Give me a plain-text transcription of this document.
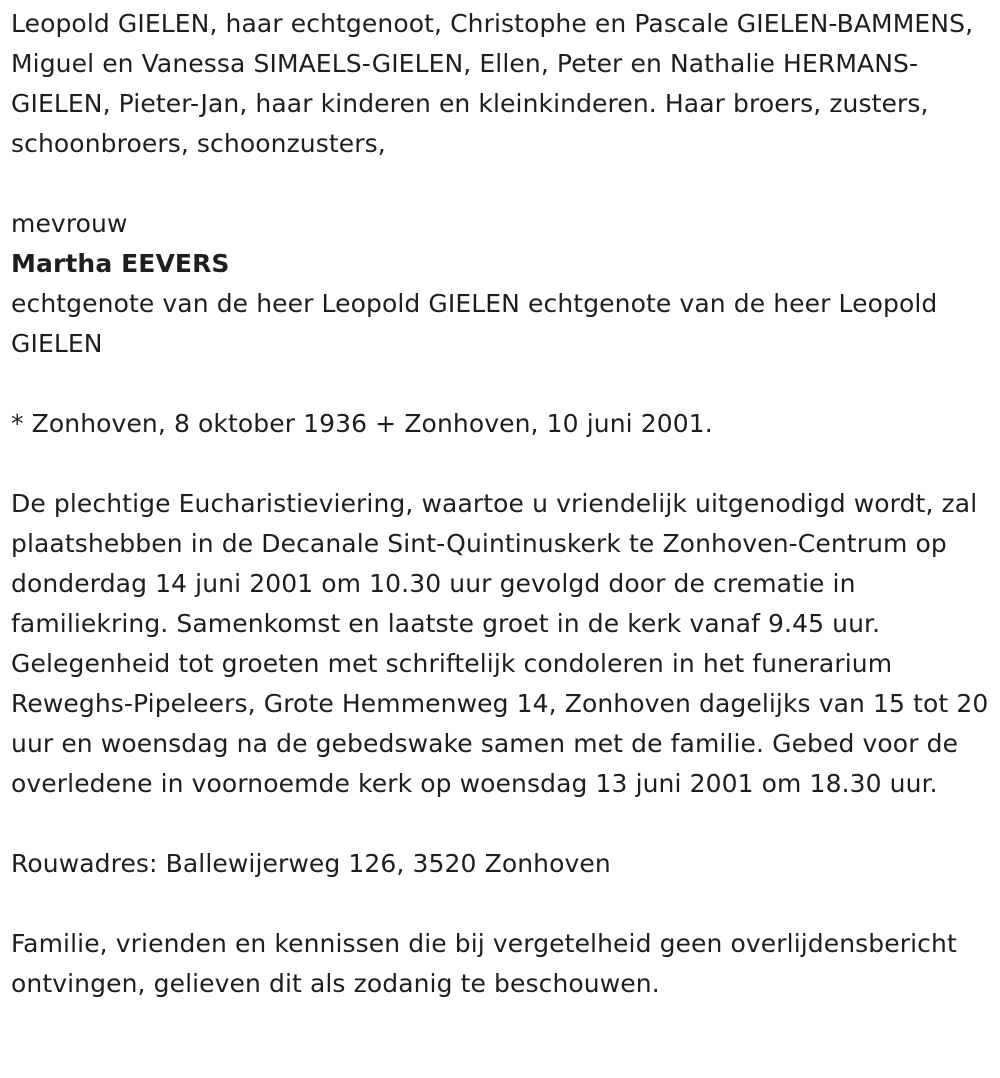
Leopold GIELEN, haar echtgenoot, Christophe en Pascale GIELEN-BAMMENS, Miguel en Vanessa SIMAELS-GIELEN, Ellen, Peter en Nathalie HERMANS-GIELEN, Pieter-Jan, haar kinderen en kleinkinderen. Haar broers, zusters, schoonbroers, schoonzusters,

mevrouw

Martha EEVERS

echtgenote van de heer Leopold GIELEN echtgenote van de heer Leopold GIELEN

* Zonhoven, 8 oktober 1936 + Zonhoven, 10 juni 2001.

De plechtige Eucharistieviering, waartoe u vriendelijk uitgenodigd wordt, zal plaatshebben in de Decanale Sint-Quintinuskerk te Zonhoven-Centrum op donderdag 14 juni 2001 om 10.30 uur gevolgd door de crematie in familiekring. Samenkomst en laatste groet in de kerk vanaf 9.45 uur. Gelegenheid tot groeten met schriftelijk condoleren in het funerarium Reweghs-Pipeleers, Grote Hemmenweg 14, Zonhoven dagelijks van 15 tot 20 uur en woensdag na de gebedswake samen met de familie. Gebed voor de overledene in voornoemde kerk op woensdag 13 juni 2001 om 18.30 uur.

Rouwadres: Ballewijerweg 126, 3520 Zonhoven

Familie, vrienden en kennissen die bij vergetelheid geen overlijdensbericht ontvingen, gelieven dit als zodanig te beschouwen.
